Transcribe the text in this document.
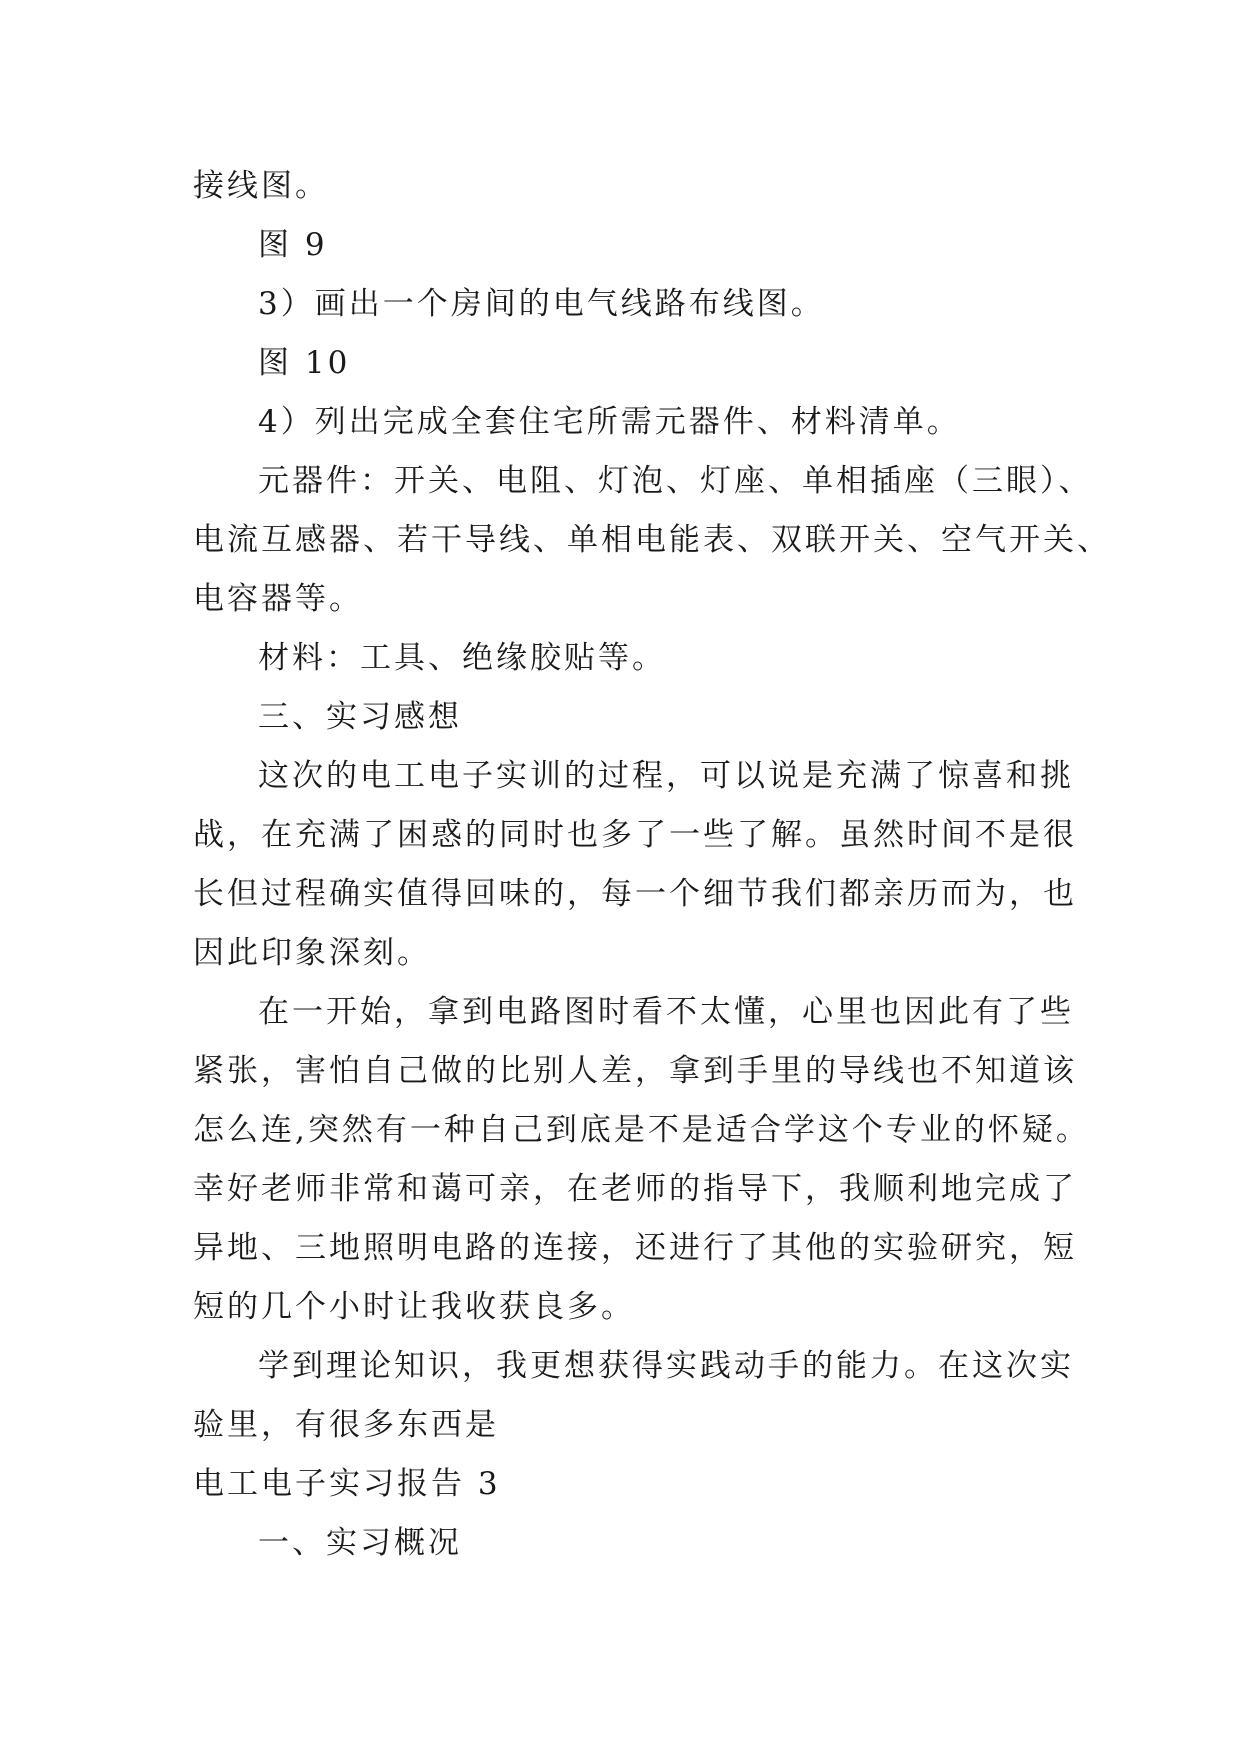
接线图。
图 9
3）画出一个房间的电气线路布线图。
图 10
4）列出完成全套住宅所需元器件、材料清单。
元器件：开关、电阻、灯泡、灯座、单相插座（三眼）、
电流互感器、若干导线、单相电能表、双联开关、空气开关、
电容器等。
材料：工具、绝缘胶贴等。
三、实习感想
这次的电工电子实训的过程，可以说是充满了惊喜和挑
战，在充满了困惑的同时也多了一些了解。虽然时间不是很
长但过程确实值得回味的，每一个细节我们都亲历而为，也
因此印象深刻。
在一开始，拿到电路图时看不太懂，心里也因此有了些
紧张，害怕自己做的比别人差，拿到手里的导线也不知道该
怎么连,突然有一种自己到底是不是适合学这个专业的怀疑。
幸好老师非常和蔼可亲，在老师的指导下，我顺利地完成了
异地、三地照明电路的连接，还进行了其他的实验研究，短
短的几个小时让我收获良多。
学到理论知识，我更想获得实践动手的能力。在这次实
验里，有很多东西是
电工电子实习报告 3
一、实习概况
